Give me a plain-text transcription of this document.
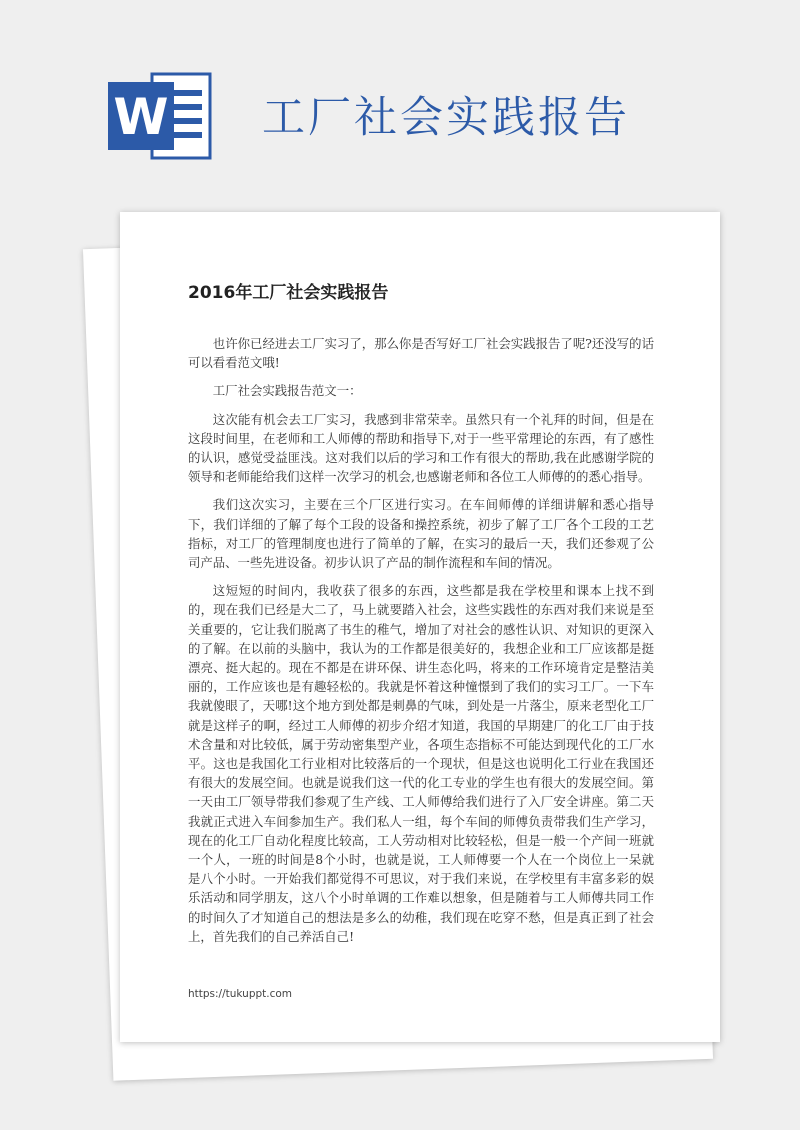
W 工厂社会实践报告
2016年工厂社会实践报告

也许你已经进去工厂实习了，那么你是否写好工厂社会实践报告了呢?还没写的话可以看看范文哦!

工厂社会实践报告范文一：

这次能有机会去工厂实习，我感到非常荣幸。虽然只有一个礼拜的时间，但是在这段时间里，在老师和工人师傅的帮助和指导下,对于一些平常理论的东西，有了感性的认识，感觉受益匪浅。这对我们以后的学习和工作有很大的帮助,我在此感谢学院的领导和老师能给我们这样一次学习的机会,也感谢老师和各位工人师傅的的悉心指导。

我们这次实习，主要在三个厂区进行实习。在车间师傅的详细讲解和悉心指导下，我们详细的了解了每个工段的设备和操控系统，初步了解了工厂各个工段的工艺指标，对工厂的管理制度也进行了简单的了解，在实习的最后一天，我们还参观了公司产品、一些先进设备。初步认识了产品的制作流程和车间的情况。

这短短的时间内，我收获了很多的东西，这些都是我在学校里和课本上找不到的，现在我们已经是大二了，马上就要踏入社会，这些实践性的东西对我们来说是至关重要的，它让我们脱离了书生的稚气，增加了对社会的感性认识、对知识的更深入的了解。在以前的头脑中，我认为的工作都是很美好的，我想企业和工厂应该都是挺漂亮、挺大起的。现在不都是在讲环保、讲生态化吗，将来的工作环境肯定是整洁美丽的，工作应该也是有趣轻松的。我就是怀着这种憧憬到了我们的实习工厂。一下车我就傻眼了，天哪!这个地方到处都是刺鼻的气味，到处是一片落尘，原来老型化工厂就是这样子的啊，经过工人师傅的初步介绍才知道，我国的早期建厂的化工厂由于技术含量和对比较低，属于劳动密集型产业，各项生态指标不可能达到现代化的工厂水平。这也是我国化工行业相对比较落后的一个现状，但是这也说明化工行业在我国还有很大的发展空间。也就是说我们这一代的化工专业的学生也有很大的发展空间。第一天由工厂领导带我们参观了生产线、工人师傅给我们进行了入厂安全讲座。第二天我就正式进入车间参加生产。我们私人一组，每个车间的师傅负责带我们生产学习，现在的化工厂自动化程度比较高，工人劳动相对比较轻松，但是一般一个产间一班就一个人，一班的时间是8个小时，也就是说，工人师傅要一个人在一个岗位上一呆就是八个小时。一开始我们都觉得不可思议，对于我们来说，在学校里有丰富多彩的娱乐活动和同学朋友，这八个小时单调的工作难以想象，但是随着与工人师傅共同工作的时间久了才知道自己的想法是多么的幼稚，我们现在吃穿不愁，但是真正到了社会上，首先我们的自己养活自己!

https://tukuppt.com
